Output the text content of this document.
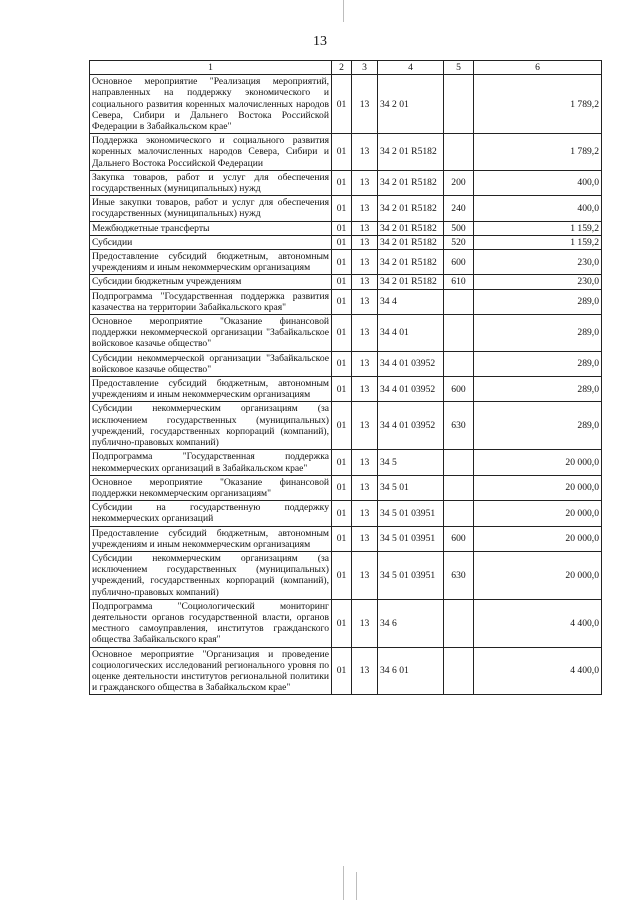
13
1	2	3	4	5	6
Основное мероприятие "Реализация мероприятий, направленных на поддержку экономического и социального развития коренных малочисленных народов Севера, Сибири и Дальнего Востока Российской Федерации в Забайкальском крае"	01	13	34 2 01		1 789,2
Поддержка экономического и социального развития коренных малочисленных народов Севера, Сибири и Дальнего Востока Российской Федерации	01	13	34 2 01 R5182		1 789,2
Закупка товаров, работ и услуг для обеспечения государственных (муниципальных) нужд	01	13	34 2 01 R5182	200	400,0
Иные закупки товаров, работ и услуг для обеспечения государственных (муниципальных) нужд	01	13	34 2 01 R5182	240	400,0
Межбюджетные трансферты	01	13	34 2 01 R5182	500	1 159,2
Субсидии	01	13	34 2 01 R5182	520	1 159,2
Предоставление субсидий бюджетным, автономным учреждениям и иным некоммерческим организациям	01	13	34 2 01 R5182	600	230,0
Субсидии бюджетным учреждениям	01	13	34 2 01 R5182	610	230,0
Подпрограмма "Государственная поддержка развития казачества на территории Забайкальского края"	01	13	34 4		289,0
Основное мероприятие "Оказание финансовой поддержки некоммерческой организации "Забайкальское войсковое казачье общество"	01	13	34 4 01		289,0
Субсидии некоммерческой организации "Забайкальское войсковое казачье общество"	01	13	34 4 01 03952		289,0
Предоставление субсидий бюджетным, автономным учреждениям и иным некоммерческим организациям	01	13	34 4 01 03952	600	289,0
Субсидии некоммерческим организациям (за исключением государственных (муниципальных) учреждений, государственных корпораций (компаний), публично-правовых компаний)	01	13	34 4 01 03952	630	289,0
Подпрограмма "Государственная поддержка некоммерческих организаций в Забайкальском крае"	01	13	34 5		20 000,0
Основное мероприятие "Оказание финансовой поддержки некоммерческим организациям"	01	13	34 5 01		20 000,0
Субсидии на государственную поддержку некоммерческих организаций	01	13	34 5 01 03951		20 000,0
Предоставление субсидий бюджетным, автономным учреждениям и иным некоммерческим организациям	01	13	34 5 01 03951	600	20 000,0
Субсидии некоммерческим организациям (за исключением государственных (муниципальных) учреждений, государственных корпораций (компаний), публично-правовых компаний)	01	13	34 5 01 03951	630	20 000,0
Подпрограмма "Социологический мониторинг деятельности органов государственной власти, органов местного самоуправления, институтов гражданского общества Забайкальского края"	01	13	34 6		4 400,0
Основное мероприятие "Организация и проведение социологических исследований регионального уровня по оценке деятельности институтов региональной политики и гражданского общества в Забайкальском крае"	01	13	34 6 01		4 400,0
